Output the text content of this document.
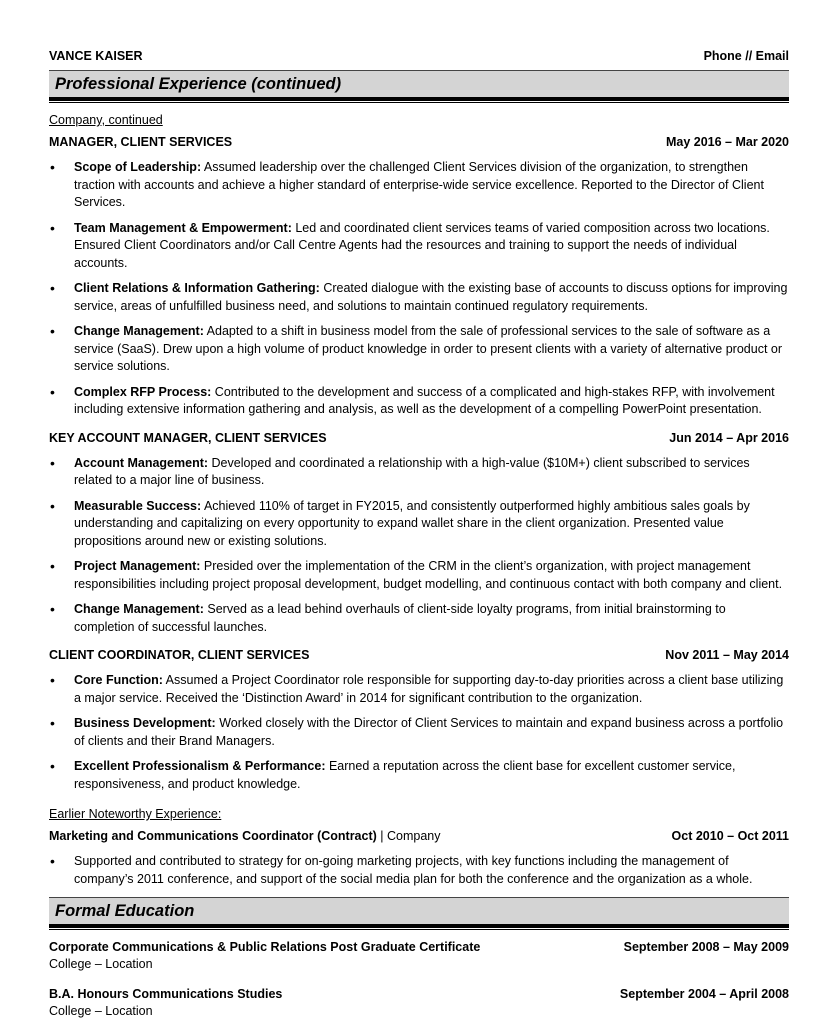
VANCE KAISER	Phone // Email
Professional Experience (continued)
Company, continued
MANAGER, CLIENT SERVICES	May 2016 – Mar 2020
• Scope of Leadership: Assumed leadership over the challenged Client Services division of the organization, to strengthen traction with accounts and achieve a higher standard of enterprise-wide service excellence. Reported to the Director of Client Services.
• Team Management & Empowerment: Led and coordinated client services teams of varied composition across two locations. Ensured Client Coordinators and/or Call Centre Agents had the resources and training to support the needs of individual accounts.
• Client Relations & Information Gathering: Created dialogue with the existing base of accounts to discuss options for improving service, areas of unfulfilled business need, and solutions to maintain continued regulatory requirements.
• Change Management: Adapted to a shift in business model from the sale of professional services to the sale of software as a service (SaaS). Drew upon a high volume of product knowledge in order to present clients with a variety of alternative product or service solutions.
• Complex RFP Process: Contributed to the development and success of a complicated and high-stakes RFP, with involvement including extensive information gathering and analysis, as well as the development of a compelling PowerPoint presentation.
KEY ACCOUNT MANAGER, CLIENT SERVICES	Jun 2014 – Apr 2016
• Account Management: Developed and coordinated a relationship with a high-value ($10M+) client subscribed to services related to a major line of business.
• Measurable Success: Achieved 110% of target in FY2015, and consistently outperformed highly ambitious sales goals by understanding and capitalizing on every opportunity to expand wallet share in the client organization. Presented value propositions around new or existing solutions.
• Project Management: Presided over the implementation of the CRM in the client’s organization, with project management responsibilities including project proposal development, budget modelling, and continuous contact with both company and client.
• Change Management: Served as a lead behind overhauls of client-side loyalty programs, from initial brainstorming to completion of successful launches.
CLIENT COORDINATOR, CLIENT SERVICES	Nov 2011 – May 2014
• Core Function: Assumed a Project Coordinator role responsible for supporting day-to-day priorities across a client base utilizing a major service. Received the ‘Distinction Award’ in 2014 for significant contribution to the organization.
• Business Development: Worked closely with the Director of Client Services to maintain and expand business across a portfolio of clients and their Brand Managers.
• Excellent Professionalism & Performance: Earned a reputation across the client base for excellent customer service, responsiveness, and product knowledge.
Earlier Noteworthy Experience:
Marketing and Communications Coordinator (Contract) | Company	Oct 2010 – Oct 2011
• Supported and contributed to strategy for on-going marketing projects, with key functions including the management of company’s 2011 conference, and support of the social media plan for both the conference and the organization as a whole.
Formal Education
Corporate Communications & Public Relations Post Graduate Certificate	September 2008 – May 2009
College – Location
B.A. Honours Communications Studies	September 2004 – April 2008
College – Location
